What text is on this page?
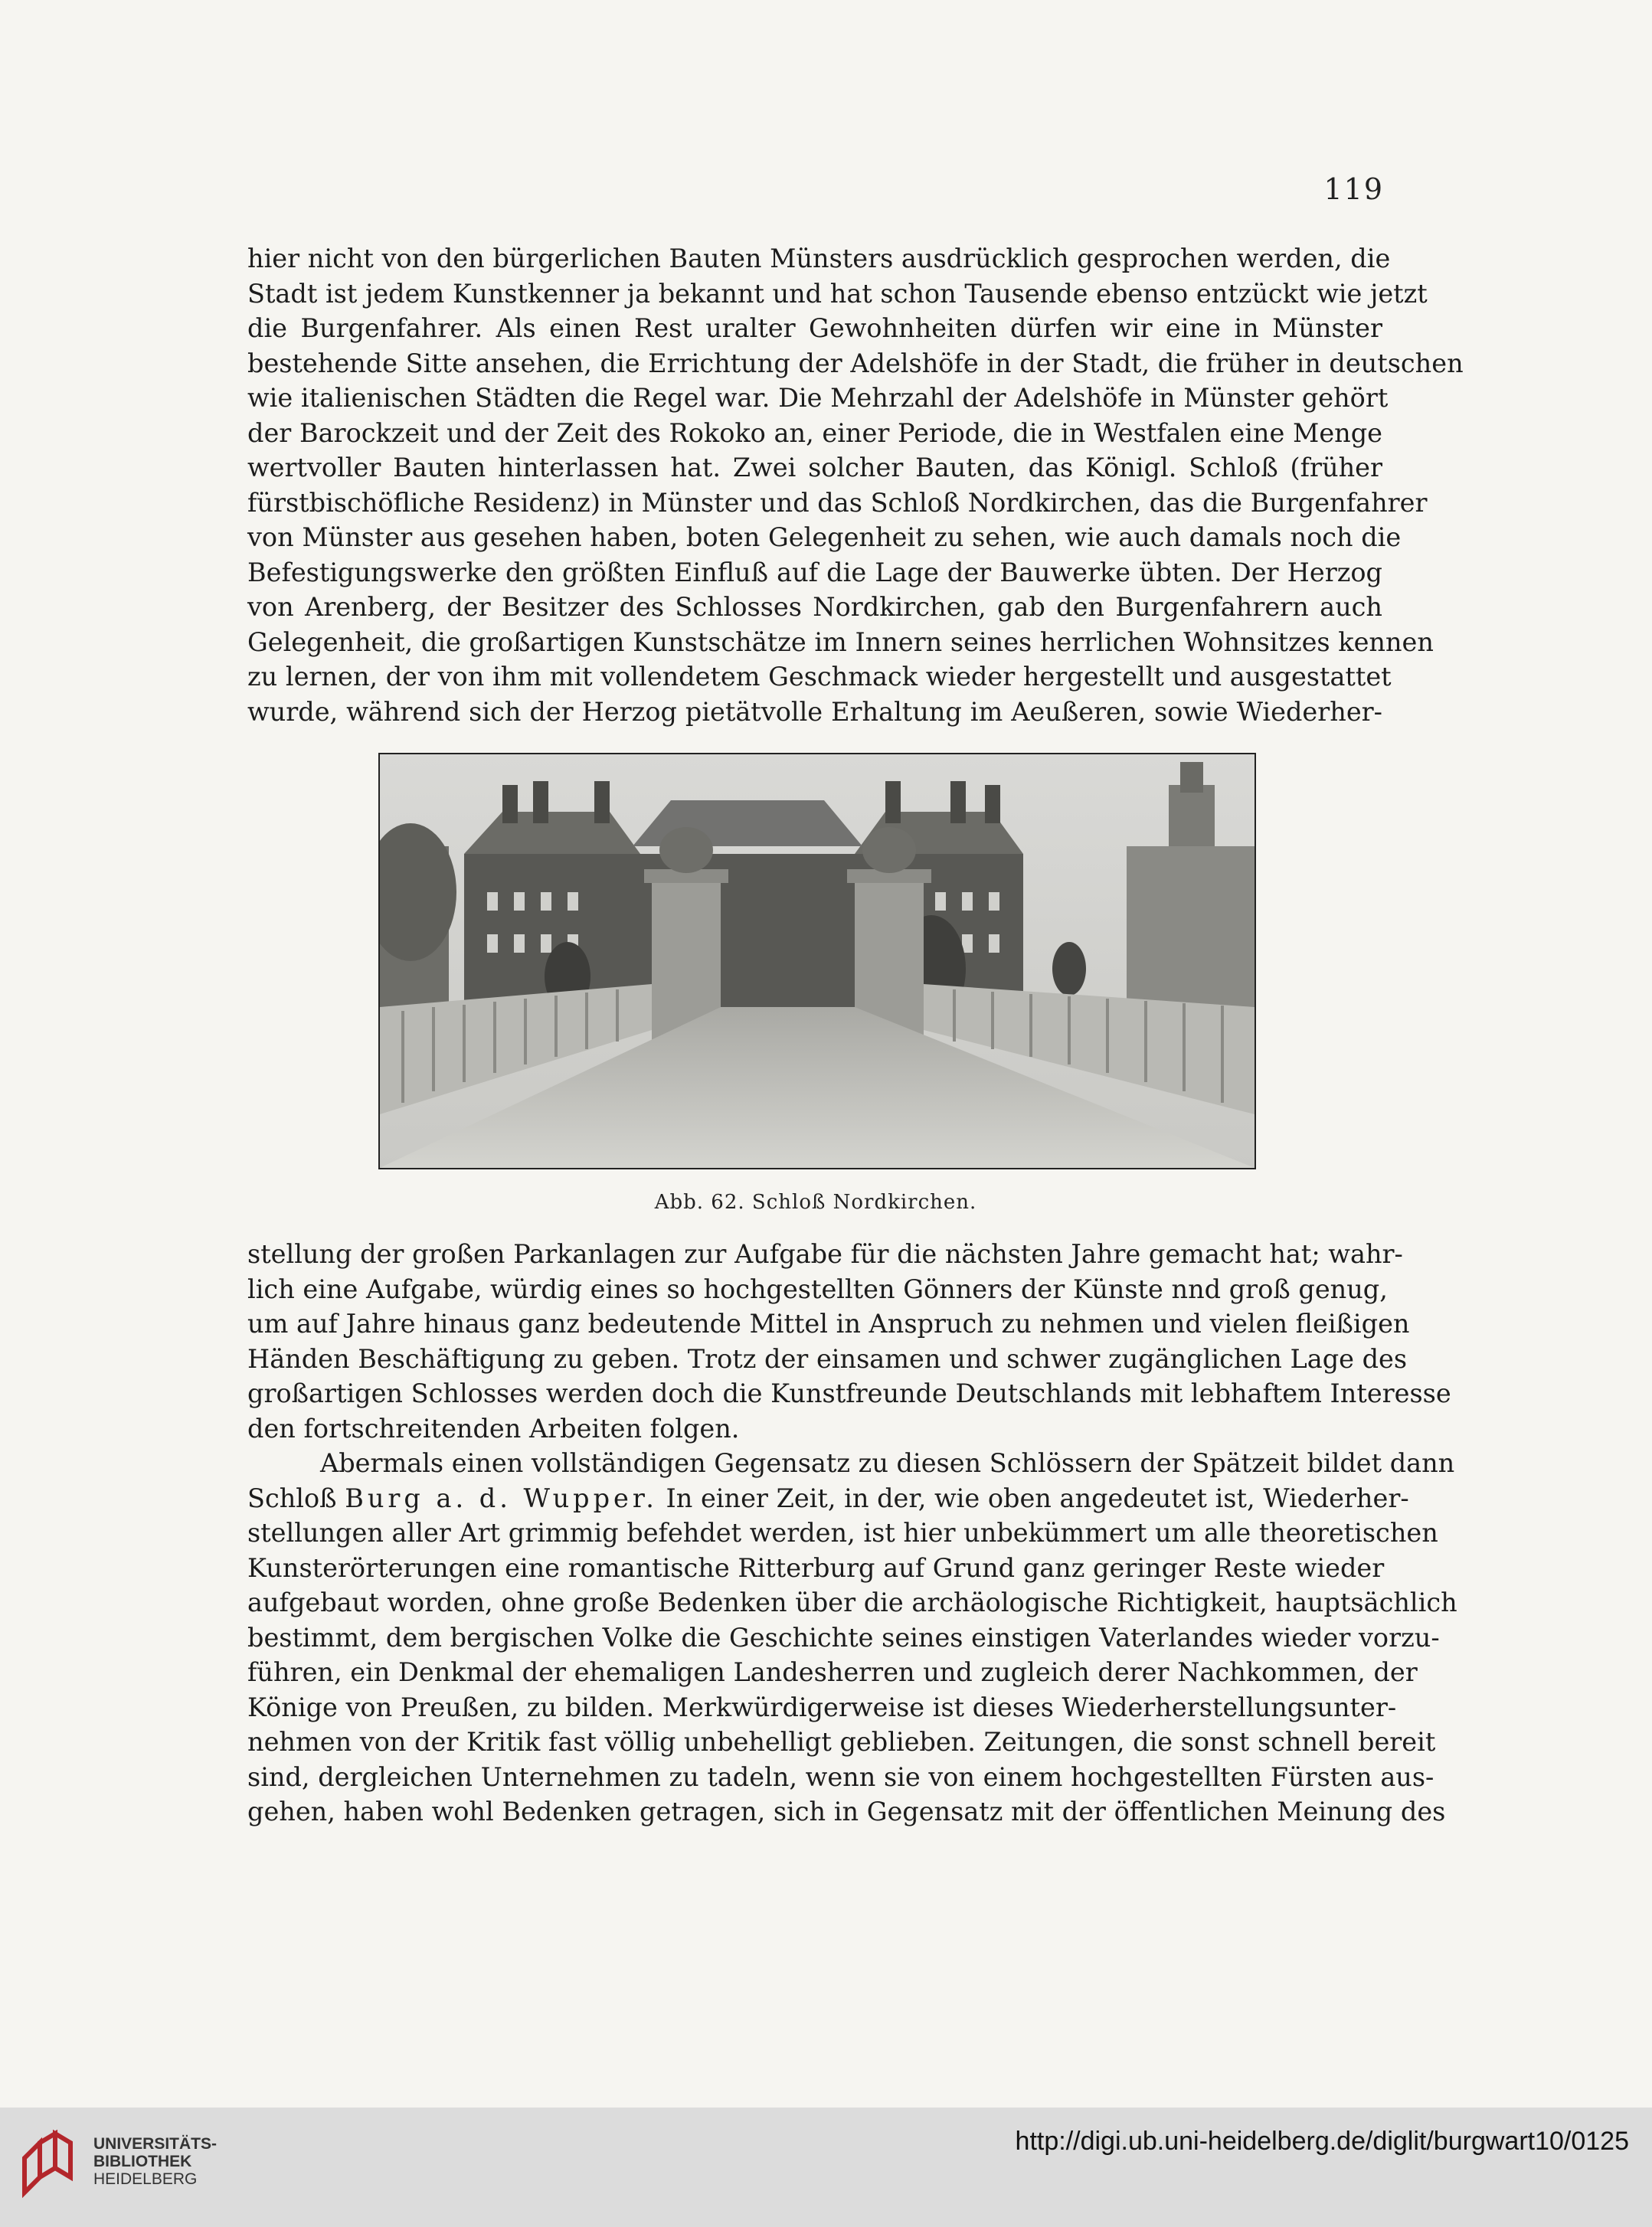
119
hier nicht von den bürgerlichen Bauten Münsters ausdrücklich gesprochen werden, die
Stadt ist jedem Kunstkenner ja bekannt und hat schon Tausende ebenso entzückt wie jetzt
die Burgenfahrer. Als einen Rest uralter Gewohnheiten dürfen wir eine in Münster
bestehende Sitte ansehen, die Errichtung der Adelshöfe in der Stadt, die früher in deutschen
wie italienischen Städten die Regel war. Die Mehrzahl der Adelshöfe in Münster gehört
der Barockzeit und der Zeit des Rokoko an, einer Periode, die in Westfalen eine Menge
wertvoller Bauten hinterlassen hat. Zwei solcher Bauten, das Königl. Schloß (früher
fürstbischöfliche Residenz) in Münster und das Schloß Nordkirchen, das die Burgenfahrer
von Münster aus gesehen haben, boten Gelegenheit zu sehen, wie auch damals noch die
Befestigungswerke den größten Einfluß auf die Lage der Bauwerke übten. Der Herzog
von Arenberg, der Besitzer des Schlosses Nordkirchen, gab den Burgenfahrern auch
Gelegenheit, die großartigen Kunstschätze im Innern seines herrlichen Wohnsitzes kennen
zu lernen, der von ihm mit vollendetem Geschmack wieder hergestellt und ausgestattet
wurde, während sich der Herzog pietätvolle Erhaltung im Aeußeren, sowie Wiederher-
Abb. 62. Schloß Nordkirchen.
stellung der großen Parkanlagen zur Aufgabe für die nächsten Jahre gemacht hat; wahr-
lich eine Aufgabe, würdig eines so hochgestellten Gönners der Künste nnd groß genug,
um auf Jahre hinaus ganz bedeutende Mittel in Anspruch zu nehmen und vielen fleißigen
Händen Beschäftigung zu geben. Trotz der einsamen und schwer zugänglichen Lage des
großartigen Schlosses werden doch die Kunstfreunde Deutschlands mit lebhaftem Interesse
den fortschreitenden Arbeiten folgen.
Abermals einen vollständigen Gegensatz zu diesen Schlössern der Spätzeit bildet dann
Schloß Burg a. d. Wupper. In einer Zeit, in der, wie oben angedeutet ist, Wiederher-
stellungen aller Art grimmig befehdet werden, ist hier unbekümmert um alle theoretischen
Kunsterörterungen eine romantische Ritterburg auf Grund ganz geringer Reste wieder
aufgebaut worden, ohne große Bedenken über die archäologische Richtigkeit, hauptsächlich
bestimmt, dem bergischen Volke die Geschichte seines einstigen Vaterlandes wieder vorzu-
führen, ein Denkmal der ehemaligen Landesherren und zugleich derer Nachkommen, der
Könige von Preußen, zu bilden. Merkwürdigerweise ist dieses Wiederherstellungsunter-
nehmen von der Kritik fast völlig unbehelligt geblieben. Zeitungen, die sonst schnell bereit
sind, dergleichen Unternehmen zu tadeln, wenn sie von einem hochgestellten Fürsten aus-
gehen, haben wohl Bedenken getragen, sich in Gegensatz mit der öffentlichen Meinung des
UNIVERSITÄTS-
BIBLIOTHEK
HEIDELBERG
http://digi.ub.uni-heidelberg.de/diglit/burgwart10/0125
